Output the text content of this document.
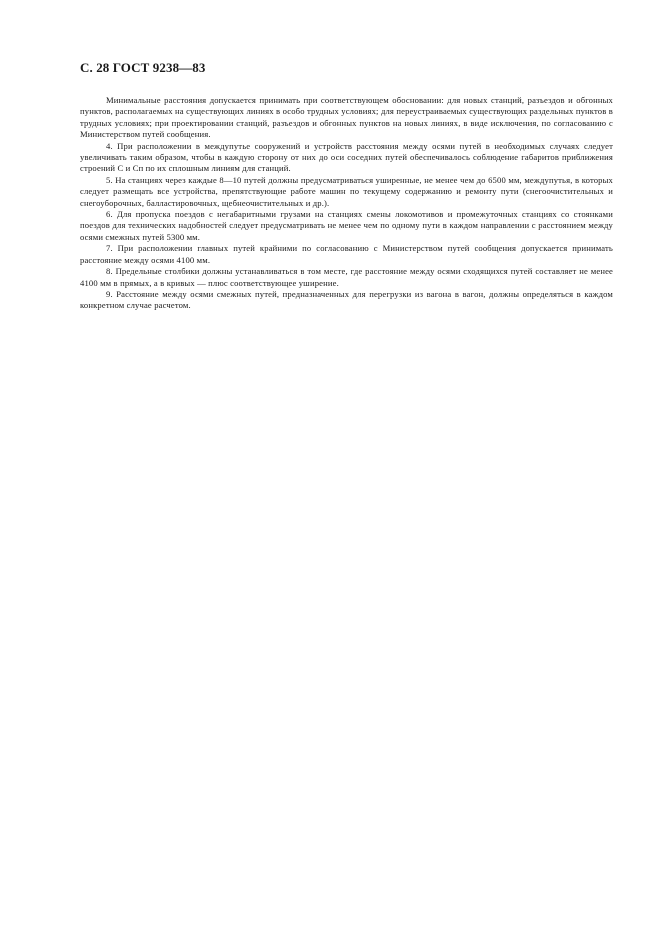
С. 28 ГОСТ 9238—83

Минимальные расстояния допускается принимать при соответствующем обосновании: для новых станций, разъездов и обгонных пунктов, располагаемых на существующих линиях в особо трудных условиях; для переустраиваемых существующих раздельных пунктов в трудных условиях; при проектировании станций, разъездов и обгонных пунктов на новых линиях, в виде исключения, по согласованию с Министерством путей сообщения.

4. При расположении в междупутье сооружений и устройств расстояния между осями путей в необходимых случаях следует увеличивать таким образом, чтобы в каждую сторону от них до оси соседних путей обеспечивалось соблюдение габаритов приближения строений С и Сп по их сплошным линиям для станций.

5. На станциях через каждые 8—10 путей должны предусматриваться уширенные, не менее чем до 6500 мм, междупутья, в которых следует размещать все устройства, препятствующие работе машин по текущему содержанию и ремонту пути (снегоочистительных и снегоуборочных, балластировочных, щебнеочистительных и др.).

6. Для пропуска поездов с негабаритными грузами на станциях смены локомотивов и промежуточных станциях со стоянками поездов для технических надобностей следует предусматривать не менее чем по одному пути в каждом направлении с расстоянием между осями смежных путей 5300 мм.

7. При расположении главных путей крайними по согласованию с Министерством путей сообщения допускается принимать расстояние между осями 4100 мм.

8. Предельные столбики должны устанавливаться в том месте, где расстояние между осями сходящихся путей составляет не менее 4100 мм в прямых, а в кривых — плюс соответствующее уширение.

9. Расстояние между осями смежных путей, предназначенных для перегрузки из вагона в вагон, должны определяться в каждом конкретном случае расчетом.
